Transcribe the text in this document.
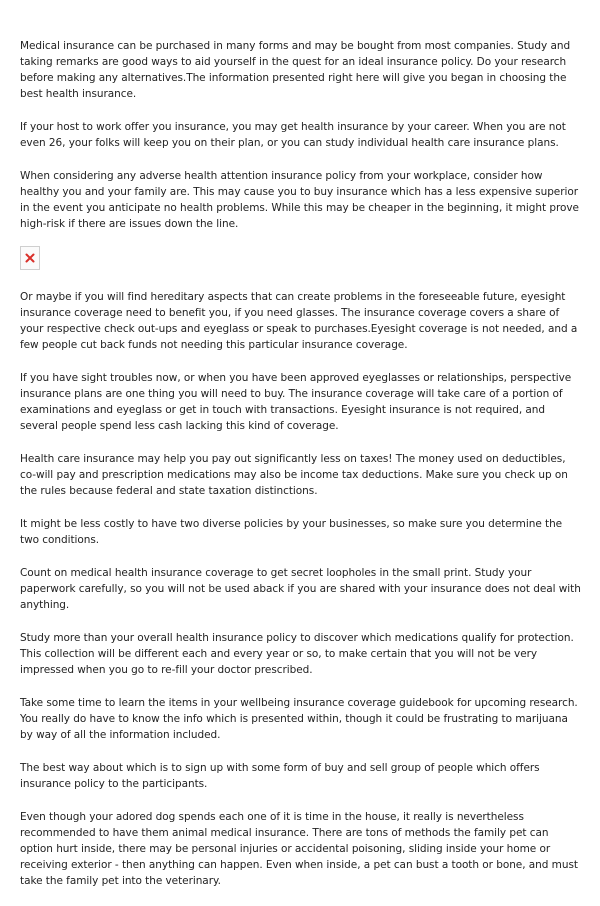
Medical insurance can be purchased in many forms and may be bought from most companies. Study and taking remarks are good ways to aid yourself in the quest for an ideal insurance policy. Do your research before making any alternatives.The information presented right here will give you began in choosing the best health insurance.

If your host to work offer you insurance, you may get health insurance by your career. When you are not even 26, your folks will keep you on their plan, or you can study individual health care insurance plans.

When considering any adverse health attention insurance policy from your workplace, consider how healthy you and your family are. This may cause you to buy insurance which has a less expensive superior in the event you anticipate no health problems. While this may be cheaper in the beginning, it might prove high-risk if there are issues down the line.

Or maybe if you will find hereditary aspects that can create problems in the foreseeable future, eyesight insurance coverage need to benefit you, if you need glasses. The insurance coverage covers a share of your respective check out-ups and eyeglass or speak to purchases.Eyesight coverage is not needed, and a few people cut back funds not needing this particular insurance coverage.

If you have sight troubles now, or when you have been approved eyeglasses or relationships, perspective insurance plans are one thing you will need to buy. The insurance coverage will take care of a portion of examinations and eyeglass or get in touch with transactions. Eyesight insurance is not required, and several people spend less cash lacking this kind of coverage.

Health care insurance may help you pay out significantly less on taxes! The money used on deductibles, co-will pay and prescription medications may also be income tax deductions. Make sure you check up on the rules because federal and state taxation distinctions.

It might be less costly to have two diverse policies by your businesses, so make sure you determine the two conditions.

Count on medical health insurance coverage to get secret loopholes in the small print. Study your paperwork carefully, so you will not be used aback if you are shared with your insurance does not deal with anything.

Study more than your overall health insurance policy to discover which medications qualify for protection. This collection will be different each and every year or so, to make certain that you will not be very impressed when you go to re-fill your doctor prescribed.

Take some time to learn the items in your wellbeing insurance coverage guidebook for upcoming research. You really do have to know the info which is presented within, though it could be frustrating to marijuana by way of all the information included.

The best way about which is to sign up with some form of buy and sell group of people which offers insurance policy to the participants.

Even though your adored dog spends each one of it is time in the house, it really is nevertheless recommended to have them animal medical insurance. There are tons of methods the family pet can option hurt inside, there may be personal injuries or accidental poisoning, sliding inside your home or receiving exterior - then anything can happen. Even when inside, a pet can bust a tooth or bone, and must take the family pet into the veterinary.
